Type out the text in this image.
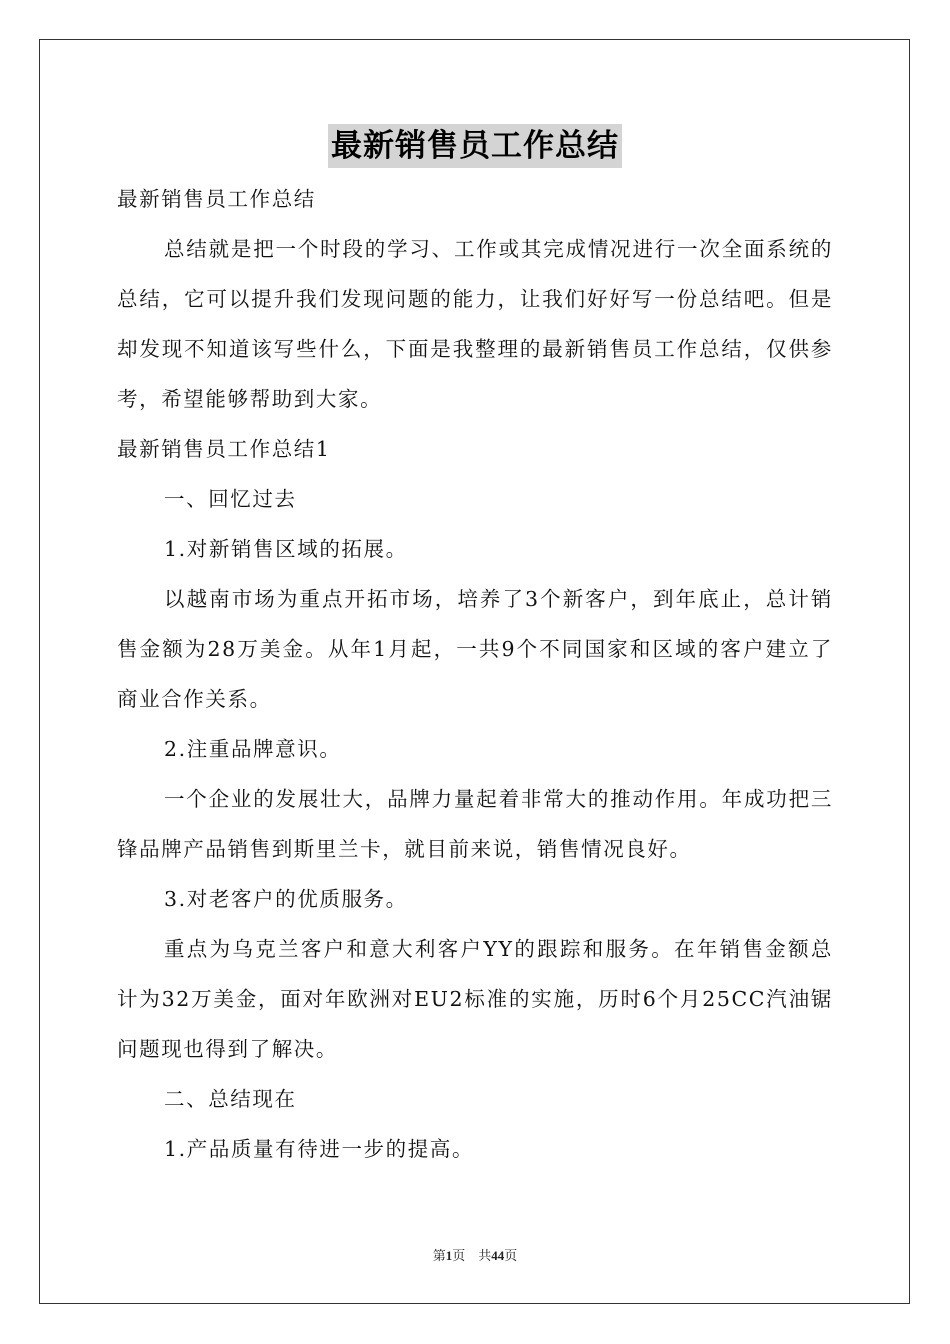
最新销售员工作总结

最新销售员工作总结

总结就是把一个时段的学习、工作或其完成情况进行一次全面系统的总结，它可以提升我们发现问题的能力，让我们好好写一份总结吧。但是却发现不知道该写些什么，下面是我整理的最新销售员工作总结，仅供参考，希望能够帮助到大家。

最新销售员工作总结1

一、回忆过去

1.对新销售区域的拓展。

以越南市场为重点开拓市场，培养了3个新客户，到年底止，总计销售金额为28万美金。从年1月起，一共9个不同国家和区域的客户建立了商业合作关系。

2.注重品牌意识。

一个企业的发展壮大，品牌力量起着非常大的推动作用。年成功把三锋品牌产品销售到斯里兰卡，就目前来说，销售情况良好。

3.对老客户的优质服务。

重点为乌克兰客户和意大利客户YY的跟踪和服务。在年销售金额总计为32万美金，面对年欧洲对EU2标准的实施，历时6个月25CC汽油锯问题现也得到了解决。

二、总结现在

1.产品质量有待进一步的提高。

第1页　共44页
